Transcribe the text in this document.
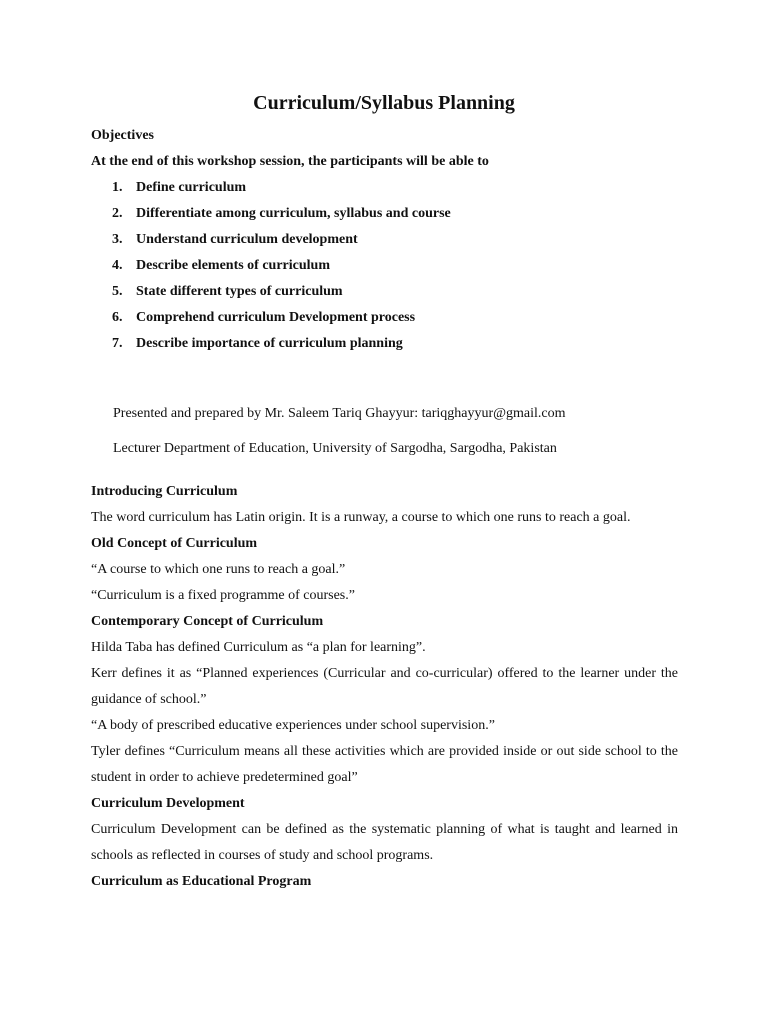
Curriculum/Syllabus Planning
Objectives
At the end of this workshop session, the participants will be able to
1. Define curriculum
2. Differentiate among curriculum, syllabus and course
3. Understand curriculum development
4. Describe elements of curriculum
5. State different types of curriculum
6. Comprehend curriculum Development process
7. Describe importance of curriculum planning
Presented and prepared by Mr. Saleem Tariq Ghayyur: tariqghayyur@gmail.com
Lecturer Department of Education, University of Sargodha, Sargodha, Pakistan
Introducing Curriculum
The word curriculum has Latin origin. It is a runway, a course to which one runs to reach a goal.
Old Concept of Curriculum
“A course to which one runs to reach a goal.”
“Curriculum is a fixed programme of courses.”
Contemporary Concept of Curriculum
Hilda Taba has defined Curriculum as “a plan for learning”.

Kerr defines it as “Planned experiences (Curricular and co-curricular) offered to the learner under the guidance of school.”

“A body of prescribed educative experiences under school supervision.”

Tyler defines “Curriculum means all these activities which are provided inside or out side school to the student in order to achieve predetermined goal”

Curriculum Development

Curriculum Development can be defined as the systematic planning of what is taught and learned in schools as reflected in courses of study and school programs.

Curriculum as Educational Program
